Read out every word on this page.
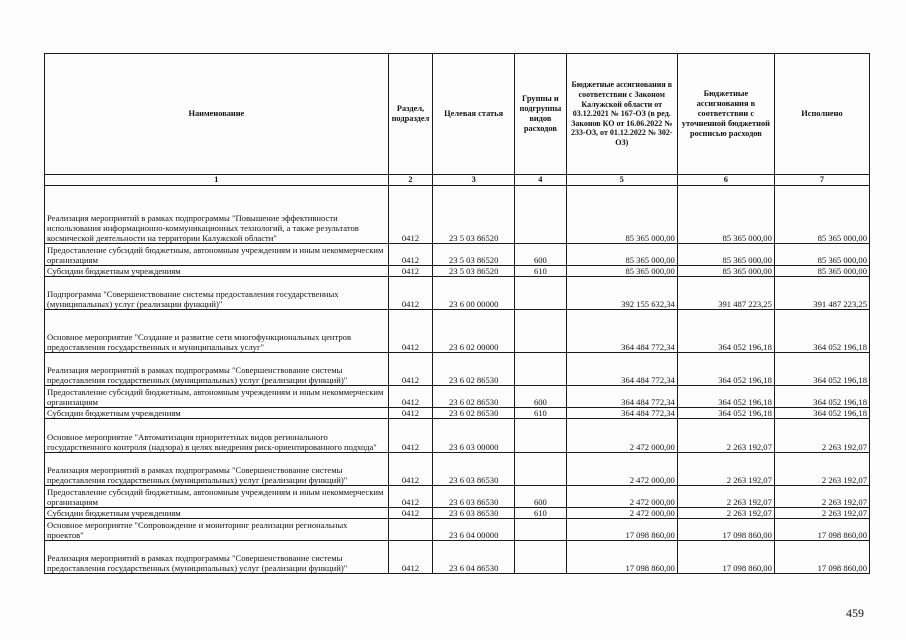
Наименование	Раздел, подраздел	Целевая статья	Группы и подгруппы видов расходов	Бюджетные ассигнования в соответствии с Законом Калужской области от 03.12.2021 № 167-ОЗ (в ред. Законов КО от 16.06.2022 № 233-ОЗ, от 01.12.2022 № 302-ОЗ)	Бюджетные ассигнования в соответствии с уточненной бюджетной росписью расходов	Исполнено
1	2	3	4	5	6	7
Реализация мероприятий в рамках подпрограммы "Повышение эффективности использования информационно-коммуникационных технологий, а также результатов космической деятельности на территории Калужской области"	0412	23 5 03 86520		85 365 000,00	85 365 000,00	85 365 000,00
Предоставление субсидий бюджетным, автономным учреждениям и иным некоммерческим организациям	0412	23 5 03 86520	600	85 365 000,00	85 365 000,00	85 365 000,00
Субсидии бюджетным учреждениям	0412	23 5 03 86520	610	85 365 000,00	85 365 000,00	85 365 000,00
Подпрограмма "Совершенствование системы предоставления государственных (муниципальных) услуг (реализации функций)"	0412	23 6 00 00000		392 155 632,34	391 487 223,25	391 487 223,25
Основное мероприятие "Создание и развитие сети многофункциональных центров предоставления государственных и муниципальных услуг"	0412	23 6 02 00000		364 484 772,34	364 052 196,18	364 052 196,18
Реализация мероприятий в рамках подпрограммы "Совершенствование системы предоставления государственных (муниципальных) услуг (реализации функций)"	0412	23 6 02 86530		364 484 772,34	364 052 196,18	364 052 196,18
Предоставление субсидий бюджетным, автономным учреждениям и иным некоммерческим организациям	0412	23 6 02 86530	600	364 484 772,34	364 052 196,18	364 052 196,18
Субсидии бюджетным учреждениям	0412	23 6 02 86530	610	364 484 772,34	364 052 196,18	364 052 196,18
Основное мероприятие "Автоматизация приоритетных видов регионального государственного контроля (надзора) в целях внедрения риск-ориентированного подхода"	0412	23 6 03 00000		2 472 000,00	2 263 192,07	2 263 192,07
Реализация мероприятий в рамках подпрограммы "Совершенствование системы предоставления государственных (муниципальных) услуг (реализации функций)"	0412	23 6 03 86530		2 472 000,00	2 263 192,07	2 263 192,07
Предоставление субсидий бюджетным, автономным учреждениям и иным некоммерческим организациям	0412	23 6 03 86530	600	2 472 000,00	2 263 192,07	2 263 192,07
Субсидии бюджетным учреждениям	0412	23 6 03 86530	610	2 472 000,00	2 263 192,07	2 263 192,07
Основное мероприятие "Сопровождение и мониторинг реализации региональных проектов"		23 6 04 00000		17 098 860,00	17 098 860,00	17 098 860,00
Реализация мероприятий в рамках подпрограммы "Совершенствование системы предоставления государственных (муниципальных) услуг (реализации функций)"	0412	23 6 04 86530		17 098 860,00	17 098 860,00	17 098 860,00
459
